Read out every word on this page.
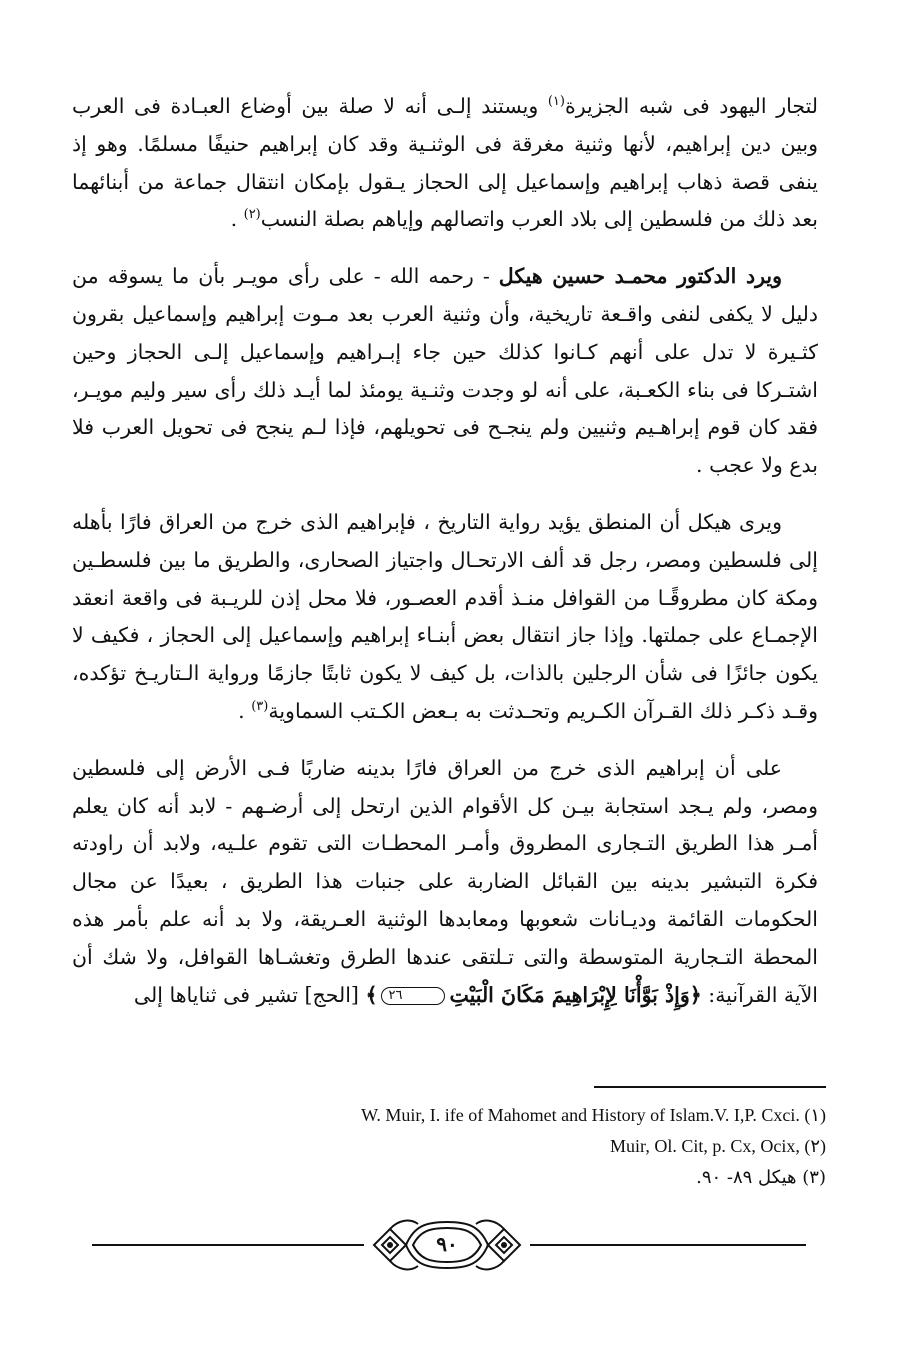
لتجار اليهود فى شبه الجزيرة$^{(١)}$ ويستند إلـى أنه لا صلة بين أوضاع العبـادة فى العرب وبين دين إبراهيم، لأنها وثنية مغرقة فى الوثنـية وقد كان إبراهيم حنيفًا مسلمًا. وهو إذ ينفى قصة ذهاب إبراهيم وإسماعيل إلى الحجاز يـقول بإمكان انتقال جماعة من أبنائهما بعد ذلك من فلسطين إلى بلاد العرب واتصالهم وإياهم بصلة النسب$^{(٢)}$ .

ويرد الدكتور محمـد حسين هيكل - رحمه الله - على رأى مويـر بأن ما يسوقه من دليل لا يكفى لنفى واقـعة تاريخية، وأن وثنية العرب بعد مـوت إبراهيم وإسماعيل بقرون كثـيرة لا تدل على أنهم كـانوا كذلك حين جاء إبـراهيم وإسماعيل إلـى الحجاز وحين اشتـركا فى بناء الكعـبة، على أنه لو وجدت وثنـية يومئذ لما أيـد ذلك رأى سير وليم مويـر، فقد كان قوم إبراهـيم وثنيين ولم ينجـح فى تحويلهم، فإذا لـم ينجح فى تحويل العرب فلا بدع ولا عجب .

ويرى هيكل أن المنطق يؤيد رواية التاريخ ، فإبراهيم الذى خرج من العراق فارًا بأهله إلى فلسطين ومصر، رجل قد ألف الارتحـال واجتياز الصحارى، والطريق ما بين فلسطـين ومكة كان مطروقًـا من القوافل منـذ أقدم العصـور، فلا محل إذن للريـبة فى واقعة انعقد الإجمـاع على جملتها. وإذا جاز انتقال بعض أبنـاء إبراهيم وإسماعيل إلى الحجاز ، فكيف لا يكون جائزًا فى شأن الرجلين بالذات، بل كيف لا يكون ثابتًا جازمًا ورواية الـتاريـخ تؤكده، وقـد ذكـر ذلك القـرآن الكـريم وتحـدثت به بـعض الكـتب السماوية$^{(٣)}$ .

على أن إبراهيم الذى خرج من العراق فارًا بدينه ضاربًا فـى الأرض إلى فلسطين ومصر، ولم يـجد استجابة بيـن كل الأقوام الذين ارتحل إلى أرضـهم - لابد أنه كان يعلم أمـر هذا الطريق التـجارى المطروق وأمـر المحطـات التى تقوم علـيه، ولابد أن راودته فكرة التبشير بدينه بين القبائل الضاربة على جنبات هذا الطريق ، بعيدًا عن مجال الحكومات القائمة وديـانات شعوبها ومعابدها الوثنية العـريقة، ولا بد أنه علم بأمر هذه المحطة التـجارية المتوسطة والتى تـلتقى عندها الطرق وتغشـاها القوافل، ولا شك أن الآية القرآنية: ﴿وَإِذْ بَوَّأْنَا لِإِبْرَاهِيمَ مَكَانَ الْبَيْتِ٢٦﴾ [الحج] تشير فى ثناياها إلى

W. Muir, I. ife of Mahomet and History of Islam.V. I,P. Cxci. (١)

Muir, Ol. Cit, p. Cx, Ocix, (٢)

(٣) هيكل ٨٩- ٩٠.

٩٠
